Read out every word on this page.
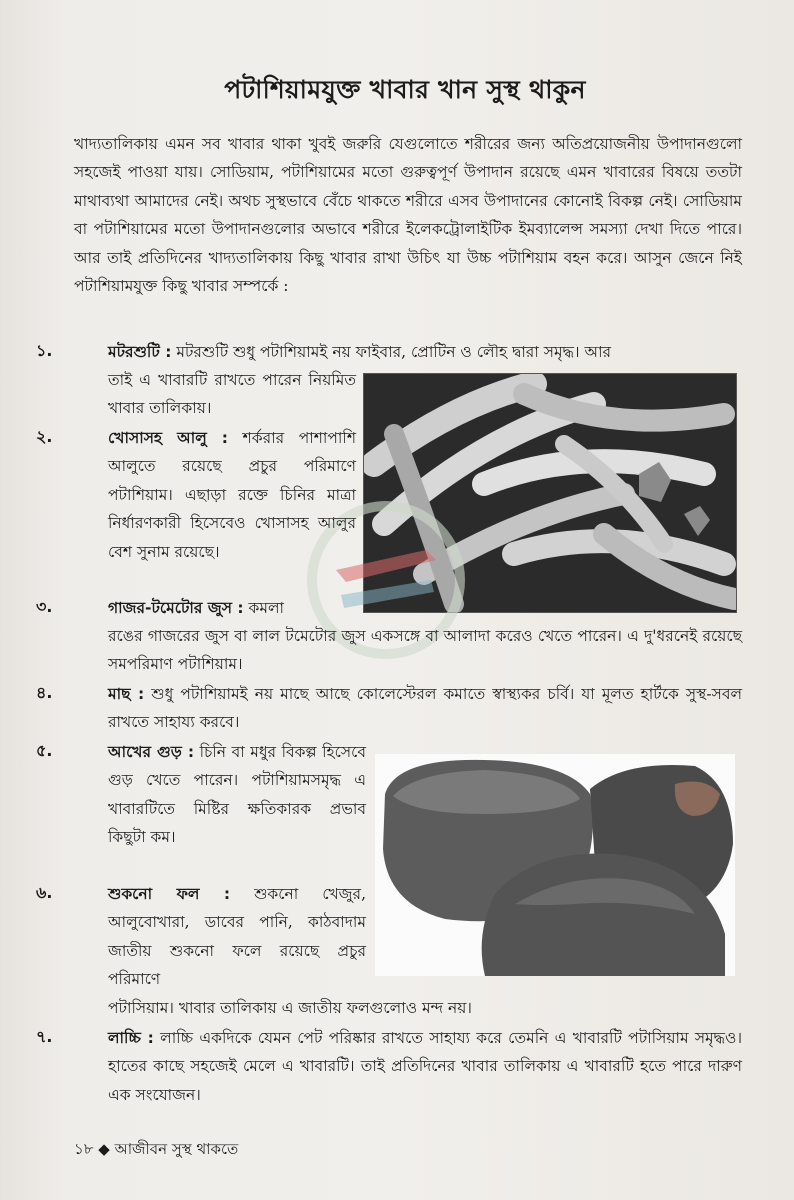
পটাশিয়ামযুক্ত খাবার খান সুস্থ থাকুন

খাদ্যতালিকায় এমন সব খাবার থাকা খুবই জরুরি যেগুলোতে শরীরের জন্য অতিপ্রয়োজনীয় উপাদানগুলো সহজেই পাওয়া যায়। সোডিয়াম, পটাশিয়ামের মতো গুরুত্বপূর্ণ উপাদান রয়েছে এমন খাবারের বিষয়ে ততটা মাথাব্যথা আমাদের নেই। অথচ সুস্থভাবে বেঁচে থাকতে শরীরে এসব উপাদানের কোনোই বিকল্প নেই। সোডিয়াম বা পটাশিয়ামের মতো উপাদানগুলোর অভাবে শরীরে ইলেকট্রোলাইটিক ইমব্যালেন্স সমস্যা দেখা দিতে পারে। আর তাই প্রতিদিনের খাদ্যতালিকায় কিছু খাবার রাখা উচিৎ যা উচ্চ পটাশিয়াম বহন করে। আসুন জেনে নিই পটাশিয়ামযুক্ত কিছু খাবার সম্পর্কে :

১.	মটরশুটি : মটরশুটি শুধু পটাশিয়ামই নয় ফাইবার, প্রোটিন ও লৌহ দ্বারা সমৃদ্ধ। আর

তাই এ খাবারটি রাখতে পারেন নিয়মিত খাবার তালিকায়।

২.	খোসাসহ আলু : শর্করার পাশাপাশি আলুতে রয়েছে প্রচুর পরিমাণে পটাশিয়াম। এছাড়া রক্তে চিনির মাত্রা নির্ধারণকারী হিসেবেও খোসাসহ আলুর বেশ সুনাম রয়েছে।

৩.	গাজর-টমেটোর জুস : কমলা

রঙের গাজরের জুস বা লাল টমেটোর জুস একসঙ্গে বা আলাদা করেও খেতে পারেন। এ দু'ধরনেই রয়েছে সমপরিমাণ পটাশিয়াম।

৪.	মাছ : শুধু পটাশিয়ামই নয় মাছে আছে কোলেস্টেরল কমাতে স্বাস্থ্যকর চর্বি। যা মূলত হার্টকে সুস্থ-সবল রাখতে সাহায্য করবে।

৫.	আখের গুড় : চিনি বা মধুর বিকল্প হিসেবে গুড় খেতে পারেন। পটাশিয়ামসমৃদ্ধ এ খাবারটিতে মিষ্টির ক্ষতিকারক প্রভাব কিছুটা কম।

৬.	শুকনো ফল : শুকনো খেজুর, আলুবোখারা, ডাবের পানি, কাঠবাদাম জাতীয় শুকনো ফলে রয়েছে প্রচুর পরিমাণে

পটাসিয়াম। খাবার তালিকায় এ জাতীয় ফলগুলোও মন্দ নয়।

৭.	লাচ্চি : লাচ্চি একদিকে যেমন পেট পরিষ্কার রাখতে সাহায্য করে তেমনি এ খাবারটি পটাসিয়াম সমৃদ্ধও। হাতের কাছে সহজেই মেলে এ খাবারটি। তাই প্রতিদিনের খাবার তালিকায় এ খাবারটি হতে পারে দারুণ এক সংযোজন।

১৮ ◆ আজীবন সুস্থ থাকতে
